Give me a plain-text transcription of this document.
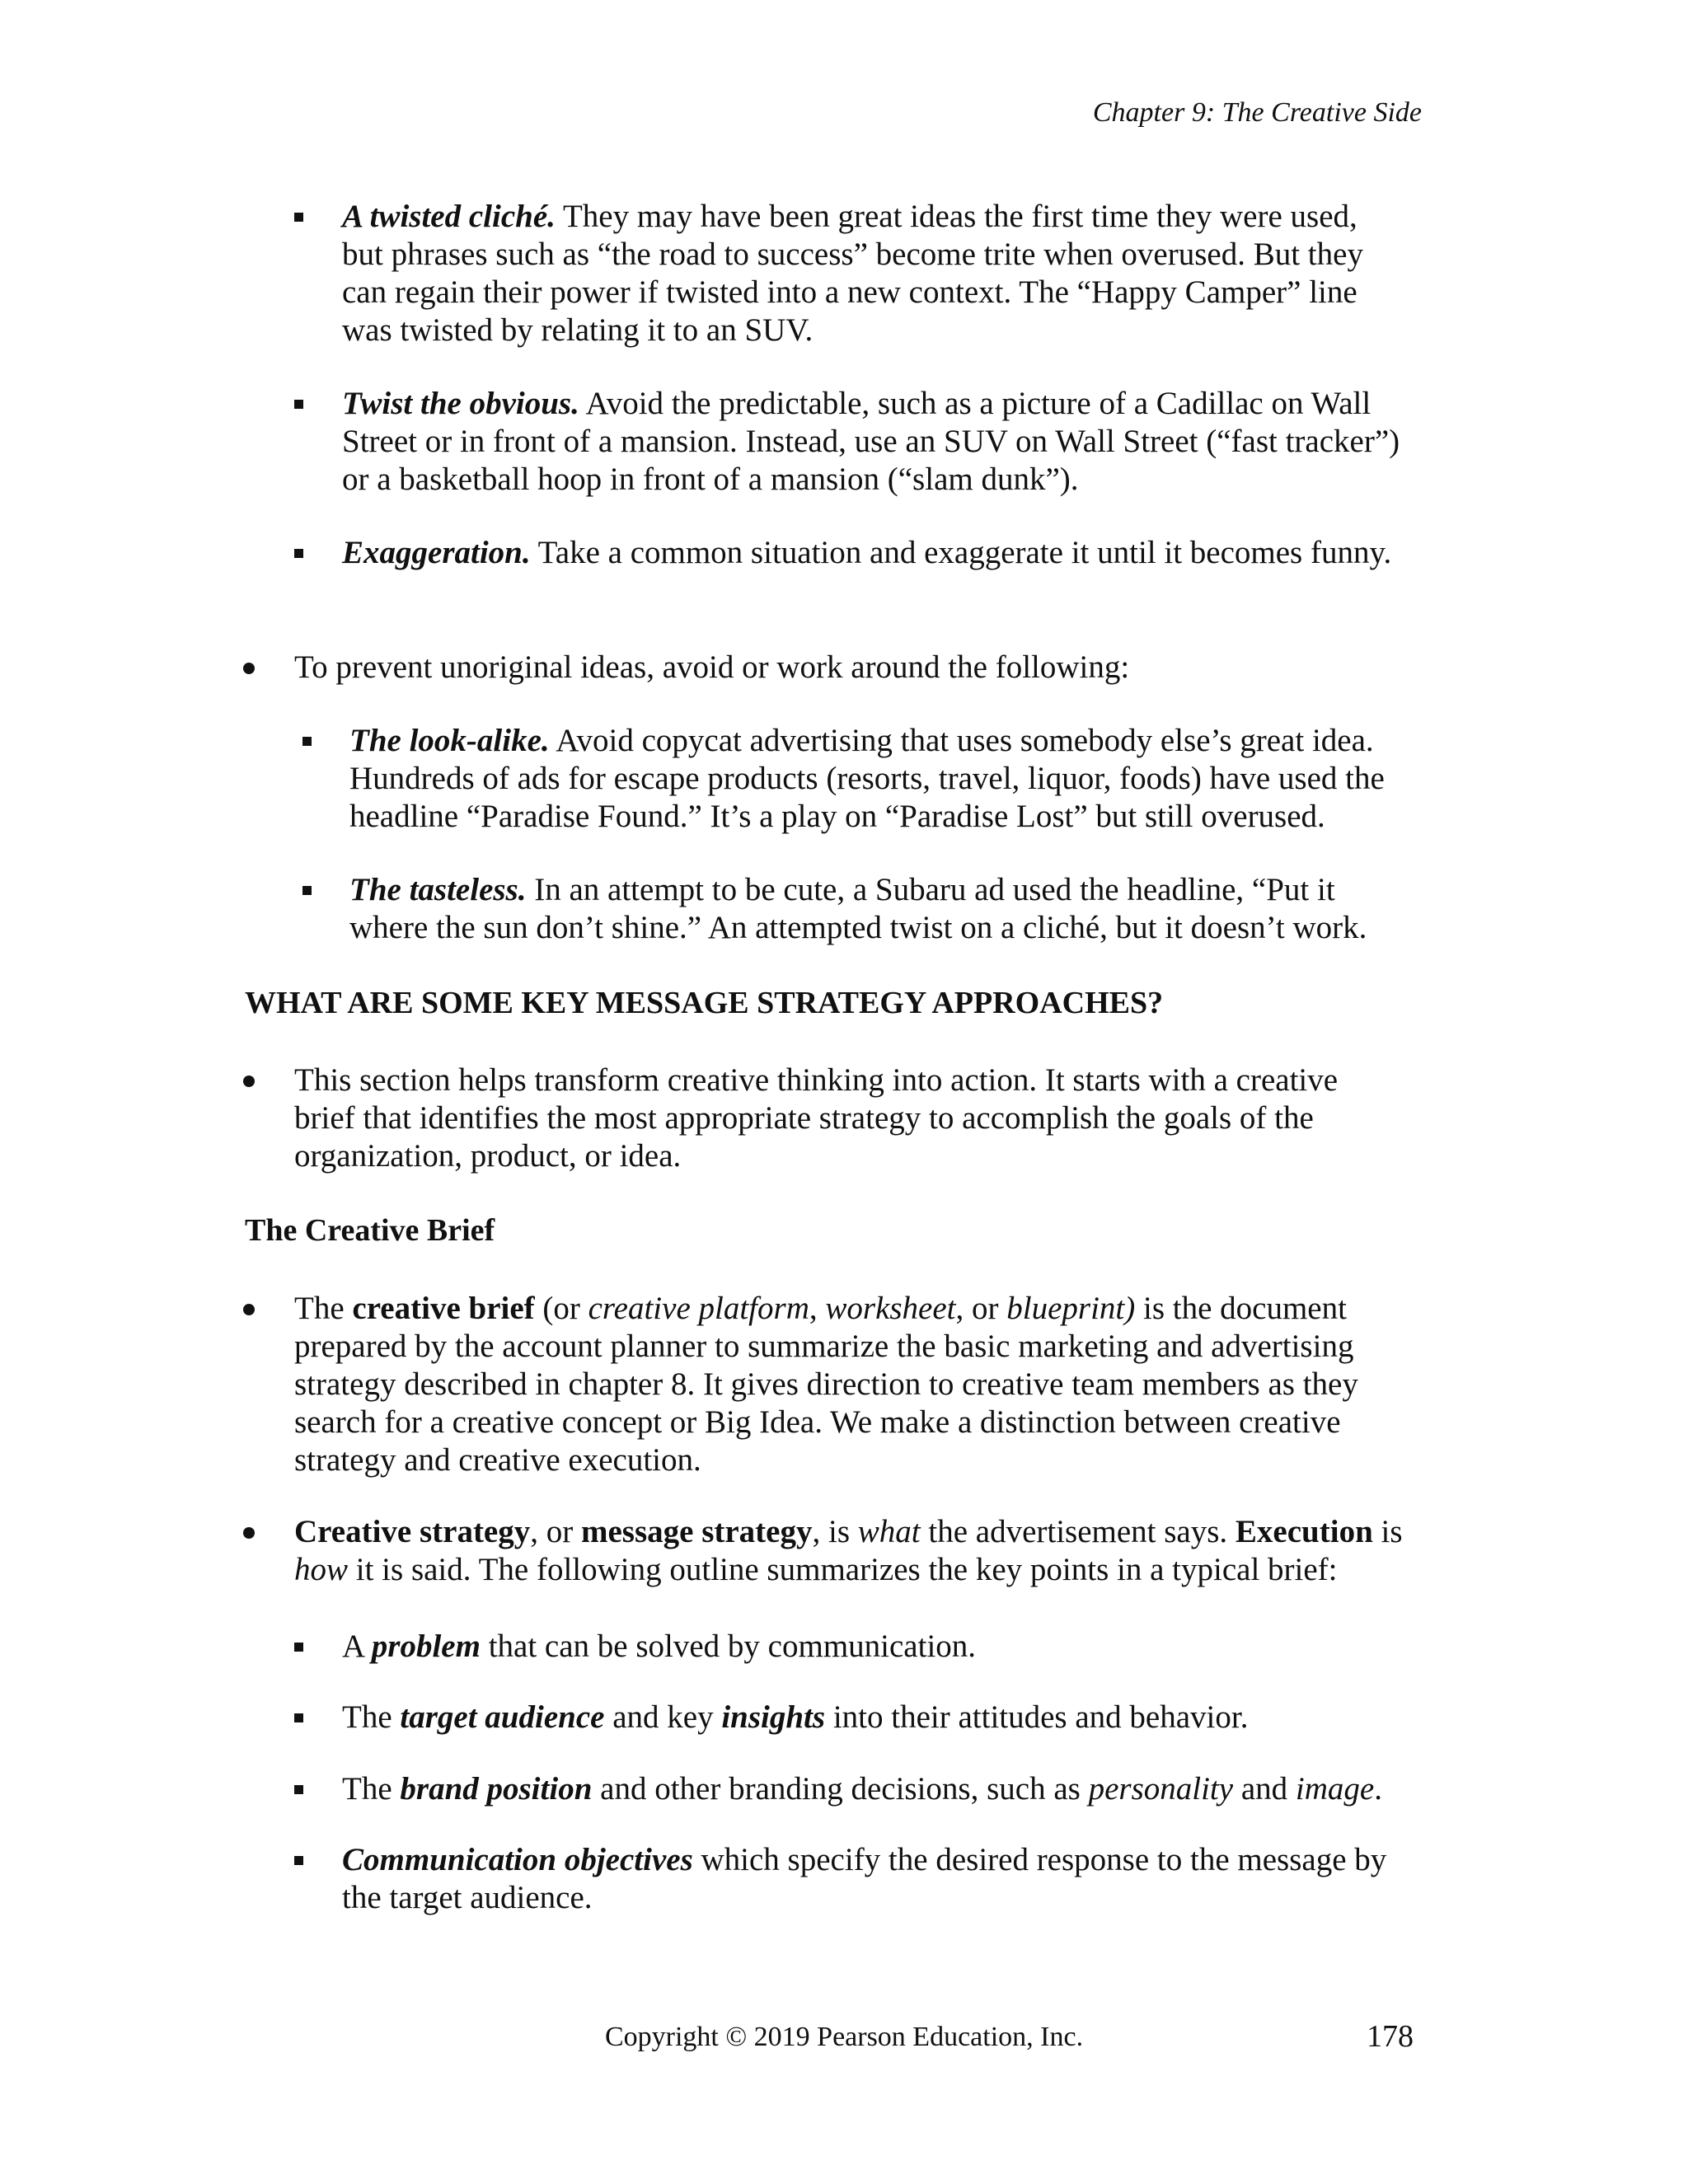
Chapter 9: The Creative Side
A twisted cliché. They may have been great ideas the first time they were used, but phrases such as “the road to success” become trite when overused. But they can regain their power if twisted into a new context. The “Happy Camper” line was twisted by relating it to an SUV.
Twist the obvious. Avoid the predictable, such as a picture of a Cadillac on Wall Street or in front of a mansion. Instead, use an SUV on Wall Street (“fast tracker”) or a basketball hoop in front of a mansion (“slam dunk”).
Exaggeration. Take a common situation and exaggerate it until it becomes funny.
To prevent unoriginal ideas, avoid or work around the following:
The look-alike. Avoid copycat advertising that uses somebody else’s great idea. Hundreds of ads for escape products (resorts, travel, liquor, foods) have used the headline “Paradise Found.” It’s a play on “Paradise Lost” but still overused.
The tasteless. In an attempt to be cute, a Subaru ad used the headline, “Put it where the sun don’t shine.” An attempted twist on a cliché, but it doesn’t work.
WHAT ARE SOME KEY MESSAGE STRATEGY APPROACHES?
This section helps transform creative thinking into action. It starts with a creative brief that identifies the most appropriate strategy to accomplish the goals of the organization, product, or idea.
The Creative Brief
The creative brief (or creative platform, worksheet, or blueprint) is the document prepared by the account planner to summarize the basic marketing and advertising strategy described in chapter 8. It gives direction to creative team members as they search for a creative concept or Big Idea. We make a distinction between creative strategy and creative execution.
Creative strategy, or message strategy, is what the advertisement says. Execution is how it is said. The following outline summarizes the key points in a typical brief:
A problem that can be solved by communication.
The target audience and key insights into their attitudes and behavior.
The brand position and other branding decisions, such as personality and image.
Communication objectives which specify the desired response to the message by the target audience.
Copyright © 2019 Pearson Education, Inc.	178
